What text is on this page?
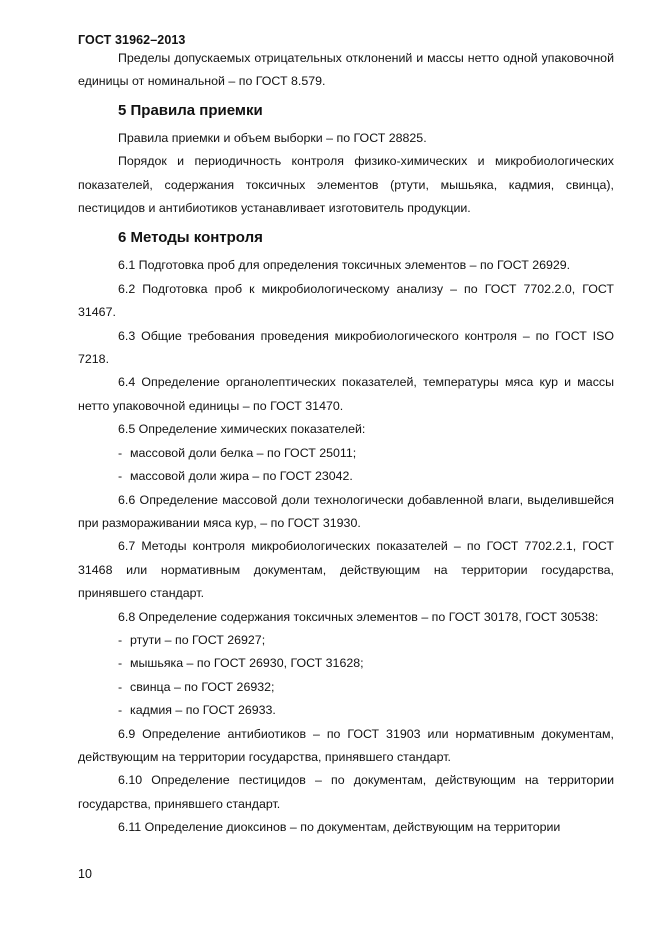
ГОСТ 31962–2013

Пределы допускаемых отрицательных отклонений и массы нетто одной упаковочной единицы от номинальной – по ГОСТ 8.579.

5 Правила приемки

Правила приемки и объем выборки – по ГОСТ 28825.

Порядок и периодичность контроля физико-химических и микробиологических показателей, содержания токсичных элементов (ртути, мышьяка, кадмия, свинца), пестицидов и антибиотиков устанавливает изготовитель продукции.

6 Методы контроля

6.1 Подготовка проб для определения токсичных элементов – по ГОСТ 26929.

6.2 Подготовка проб к микробиологическому анализу – по ГОСТ 7702.2.0, ГОСТ 31467.

6.3 Общие требования проведения микробиологического контроля – по ГОСТ ISO 7218.

6.4 Определение органолептических показателей, температуры мяса кур и массы нетто упаковочной единицы – по ГОСТ 31470.

6.5 Определение химических показателей:

- массовой доли белка – по ГОСТ 25011;

- массовой доли жира – по ГОСТ 23042.

6.6 Определение массовой доли технологически добавленной влаги, выделившейся при размораживании мяса кур, – по ГОСТ 31930.

6.7 Методы контроля микробиологических показателей – по ГОСТ 7702.2.1, ГОСТ 31468 или нормативным документам, действующим на территории государства, принявшего стандарт.

6.8 Определение содержания токсичных элементов – по ГОСТ 30178, ГОСТ 30538:

- ртути – по ГОСТ 26927;

- мышьяка – по ГОСТ 26930, ГОСТ 31628;

- свинца – по ГОСТ 26932;

- кадмия – по ГОСТ 26933.

6.9 Определение антибиотиков – по ГОСТ 31903 или нормативным документам, действующим на территории государства, принявшего стандарт.

6.10 Определение пестицидов – по документам, действующим на территории государства, принявшего стандарт.

6.11 Определение диоксинов – по документам, действующим на территории

10
